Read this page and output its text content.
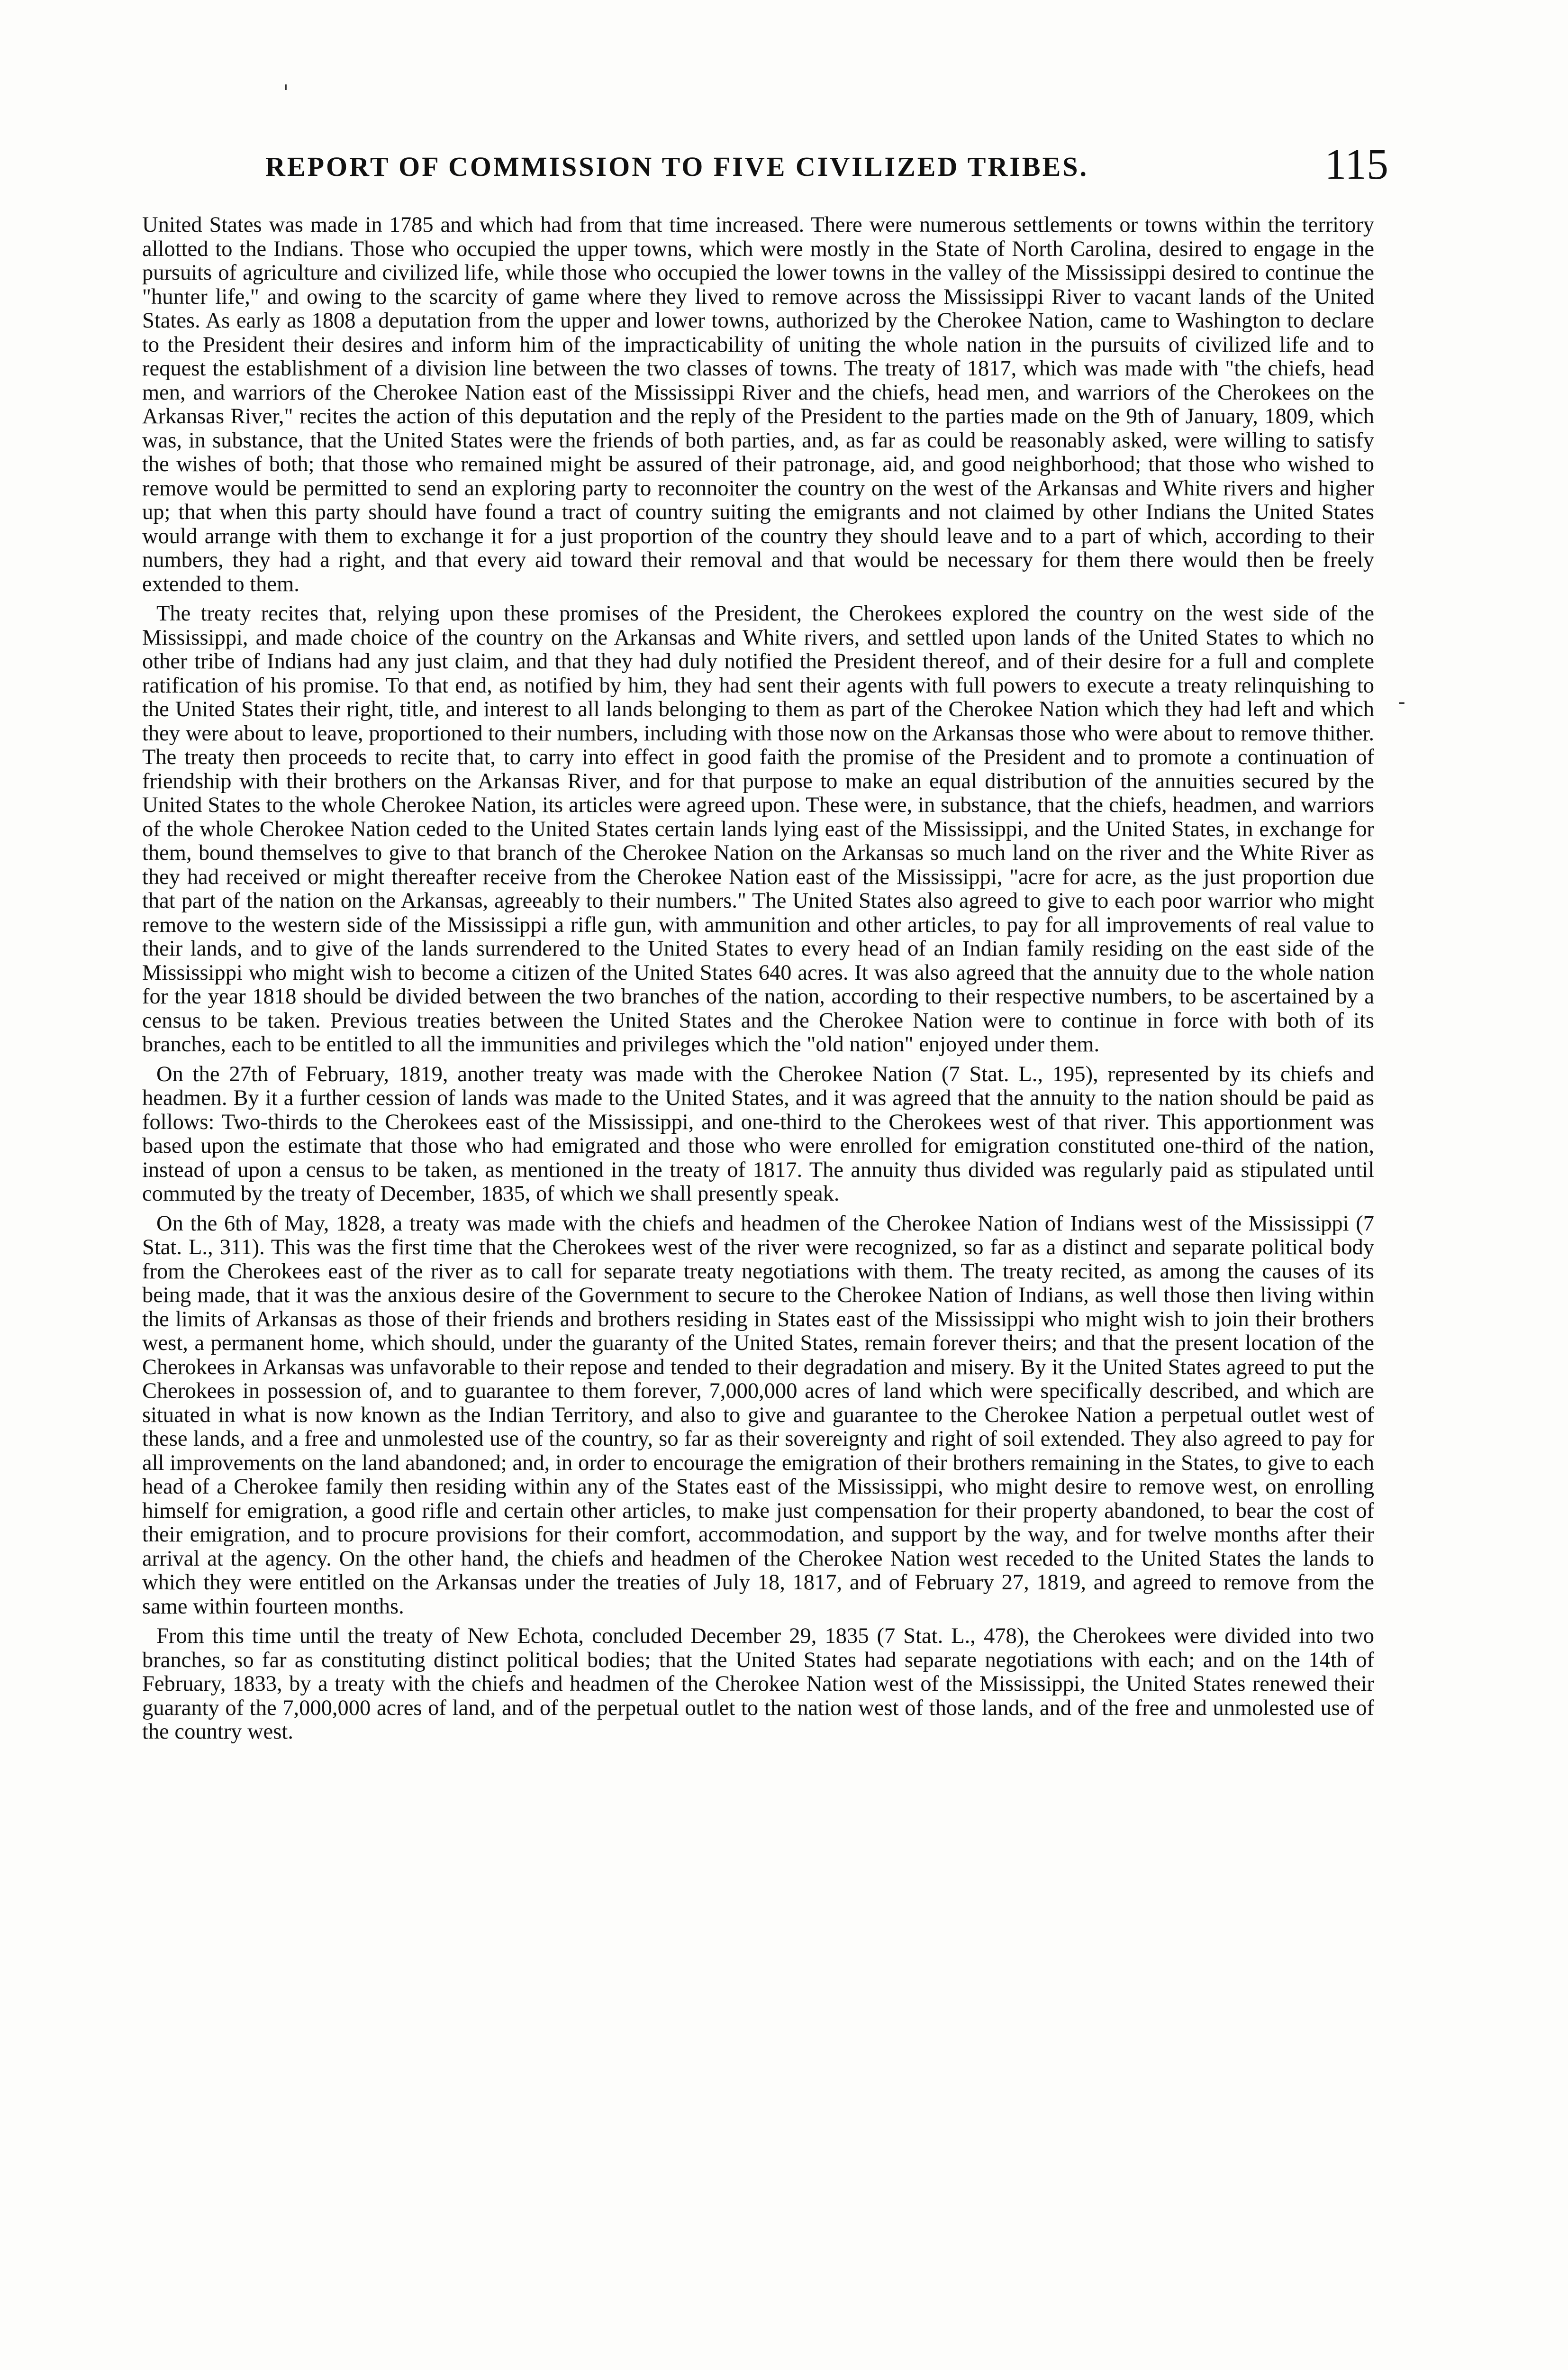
'
-
REPORT OF COMMISSION TO FIVE CIVILIZED TRIBES.	115

United States was made in 1785 and which had from that time increased. There were numerous settlements or towns within the territory allotted to the Indians. Those who occupied the upper towns, which were mostly in the State of North Carolina, desired to engage in the pursuits of agriculture and civilized life, while those who occupied the lower towns in the valley of the Mississippi desired to continue the "hunter life," and owing to the scarcity of game where they lived to remove across the Mississippi River to vacant lands of the United States. As early as 1808 a deputation from the upper and lower towns, authorized by the Cherokee Nation, came to Washington to declare to the President their desires and inform him of the impracticability of uniting the whole nation in the pursuits of civilized life and to request the establishment of a division line between the two classes of towns. The treaty of 1817, which was made with "the chiefs, head men, and warriors of the Cherokee Nation east of the Mississippi River and the chiefs, head men, and warriors of the Cherokees on the Arkansas River," recites the action of this deputation and the reply of the President to the parties made on the 9th of January, 1809, which was, in substance, that the United States were the friends of both parties, and, as far as could be reasonably asked, were willing to satisfy the wishes of both; that those who remained might be assured of their patronage, aid, and good neighborhood; that those who wished to remove would be permitted to send an exploring party to reconnoiter the country on the west of the Arkansas and White rivers and higher up; that when this party should have found a tract of country suiting the emigrants and not claimed by other Indians the United States would arrange with them to exchange it for a just proportion of the country they should leave and to a part of which, according to their numbers, they had a right, and that every aid toward their removal and that would be necessary for them there would then be freely extended to them.

The treaty recites that, relying upon these promises of the President, the Cherokees explored the country on the west side of the Mississippi, and made choice of the country on the Arkansas and White rivers, and settled upon lands of the United States to which no other tribe of Indians had any just claim, and that they had duly notified the President thereof, and of their desire for a full and complete ratification of his promise. To that end, as notified by him, they had sent their agents with full powers to execute a treaty relinquishing to the United States their right, title, and interest to all lands belonging to them as part of the Cherokee Nation which they had left and which they were about to leave, proportioned to their numbers, including with those now on the Arkansas those who were about to remove thither. The treaty then proceeds to recite that, to carry into effect in good faith the promise of the President and to promote a continuation of friendship with their brothers on the Arkansas River, and for that purpose to make an equal distribution of the annuities secured by the United States to the whole Cherokee Nation, its articles were agreed upon. These were, in substance, that the chiefs, headmen, and warriors of the whole Cherokee Nation ceded to the United States certain lands lying east of the Mississippi, and the United States, in exchange for them, bound themselves to give to that branch of the Cherokee Nation on the Arkansas so much land on the river and the White River as they had received or might thereafter receive from the Cherokee Nation east of the Mississippi, "acre for acre, as the just proportion due that part of the nation on the Arkansas, agreeably to their numbers." The United States also agreed to give to each poor warrior who might remove to the western side of the Mississippi a rifle gun, with ammunition and other articles, to pay for all improvements of real value to their lands, and to give of the lands surrendered to the United States to every head of an Indian family residing on the east side of the Mississippi who might wish to become a citizen of the United States 640 acres. It was also agreed that the annuity due to the whole nation for the year 1818 should be divided between the two branches of the nation, according to their respective numbers, to be ascertained by a census to be taken. Previous treaties between the United States and the Cherokee Nation were to continue in force with both of its branches, each to be entitled to all the immunities and privileges which the "old nation" enjoyed under them.

On the 27th of February, 1819, another treaty was made with the Cherokee Nation (7 Stat. L., 195), represented by its chiefs and headmen. By it a further cession of lands was made to the United States, and it was agreed that the annuity to the nation should be paid as follows: Two-thirds to the Cherokees east of the Mississippi, and one-third to the Cherokees west of that river. This apportionment was based upon the estimate that those who had emigrated and those who were enrolled for emigration constituted one-third of the nation, instead of upon a census to be taken, as mentioned in the treaty of 1817. The annuity thus divided was regularly paid as stipulated until commuted by the treaty of December, 1835, of which we shall presently speak.

On the 6th of May, 1828, a treaty was made with the chiefs and headmen of the Cherokee Nation of Indians west of the Mississippi (7 Stat. L., 311). This was the first time that the Cherokees west of the river were recognized, so far as a distinct and separate political body from the Cherokees east of the river as to call for separate treaty negotiations with them. The treaty recited, as among the causes of its being made, that it was the anxious desire of the Government to secure to the Cherokee Nation of Indians, as well those then living within the limits of Arkansas as those of their friends and brothers residing in States east of the Mississippi who might wish to join their brothers west, a permanent home, which should, under the guaranty of the United States, remain forever theirs; and that the present location of the Cherokees in Arkansas was unfavorable to their repose and tended to their degradation and misery. By it the United States agreed to put the Cherokees in possession of, and to guarantee to them forever, 7,000,000 acres of land which were specifically described, and which are situated in what is now known as the Indian Territory, and also to give and guarantee to the Cherokee Nation a perpetual outlet west of these lands, and a free and unmolested use of the country, so far as their sovereignty and right of soil extended. They also agreed to pay for all improvements on the land abandoned; and, in order to encourage the emigration of their brothers remaining in the States, to give to each head of a Cherokee family then residing within any of the States east of the Mississippi, who might desire to remove west, on enrolling himself for emigration, a good rifle and certain other articles, to make just compensation for their property abandoned, to bear the cost of their emigration, and to procure provisions for their comfort, accommodation, and support by the way, and for twelve months after their arrival at the agency. On the other hand, the chiefs and headmen of the Cherokee Nation west receded to the United States the lands to which they were entitled on the Arkansas under the treaties of July 18, 1817, and of February 27, 1819, and agreed to remove from the same within fourteen months.

From this time until the treaty of New Echota, concluded December 29, 1835 (7 Stat. L., 478), the Cherokees were divided into two branches, so far as constituting distinct political bodies; that the United States had separate negotiations with each; and on the 14th of February, 1833, by a treaty with the chiefs and headmen of the Cherokee Nation west of the Mississippi, the United States renewed their guaranty of the 7,000,000 acres of land, and of the perpetual outlet to the nation west of those lands, and of the free and unmolested use of the country west.
